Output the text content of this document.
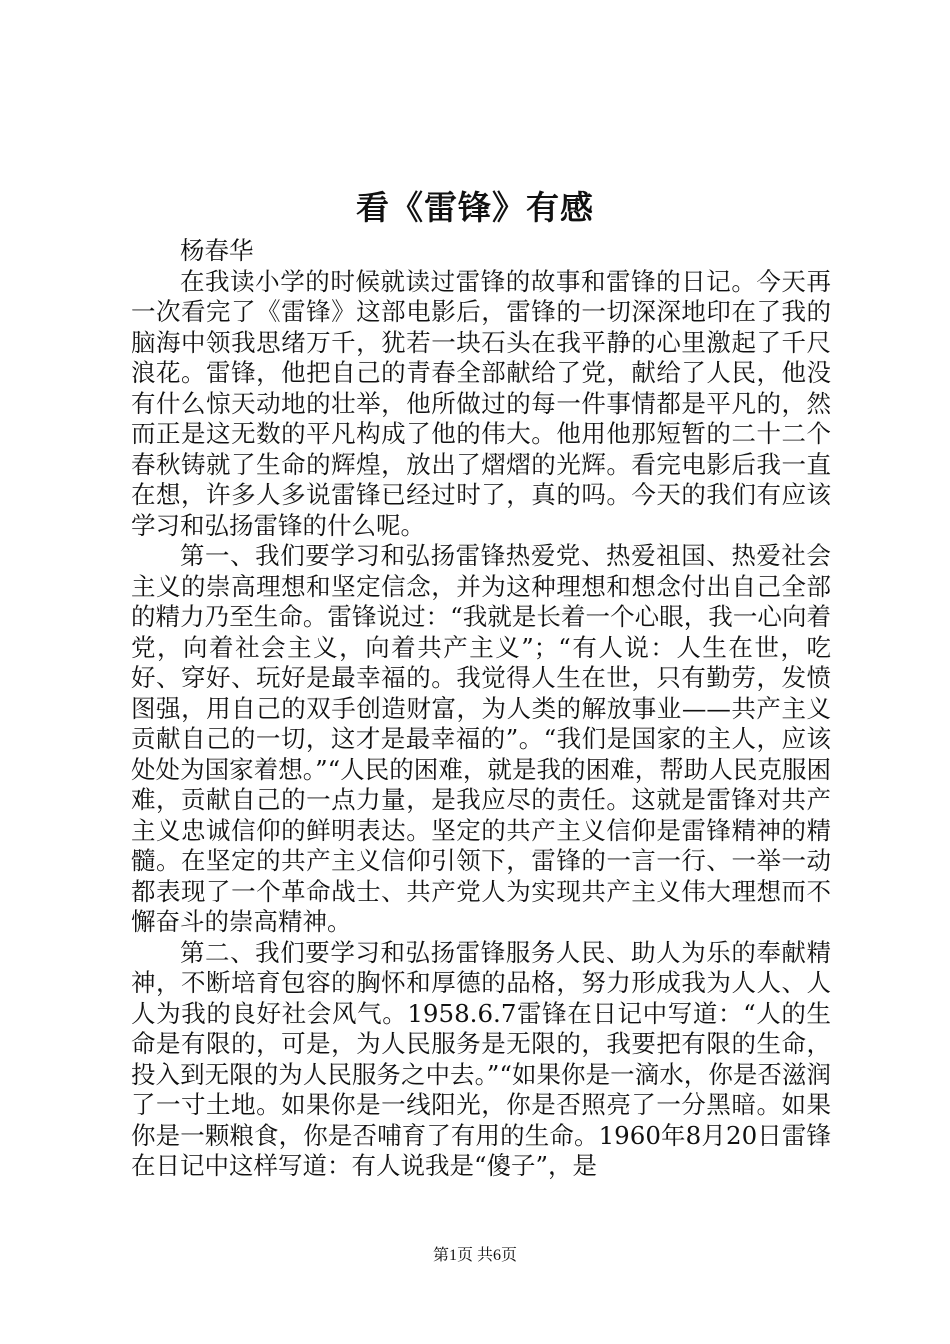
看《雷锋》有感
杨春华

在我读小学的时候就读过雷锋的故事和雷锋的日记。今天再一次看完了《雷锋》这部电影后，雷锋的一切深深地印在了我的脑海中领我思绪万千，犹若一块石头在我平静的心里激起了千尺浪花。雷锋，他把自己的青春全部献给了党，献给了人民，他没有什么惊天动地的壮举，他所做过的每一件事情都是平凡的，然而正是这无数的平凡构成了他的伟大。他用他那短暂的二十二个春秋铸就了生命的辉煌，放出了熠熠的光辉。看完电影后我一直在想，许多人多说雷锋已经过时了，真的吗。今天的我们有应该学习和弘扬雷锋的什么呢。

第一、我们要学习和弘扬雷锋热爱党、热爱祖国、热爱社会主义的崇高理想和坚定信念，并为这种理想和想念付出自己全部的精力乃至生命。雷锋说过：“我就是长着一个心眼，我一心向着党，向着社会主义，向着共产主义”；“有人说：人生在世，吃好、穿好、玩好是最幸福的。我觉得人生在世，只有勤劳，发愤图强，用自己的双手创造财富，为人类的解放事业——共产主义贡献自己的一切，这才是最幸福的”。“我们是国家的主人，应该处处为国家着想。”“人民的困难，就是我的困难，帮助人民克服困难，贡献自己的一点力量，是我应尽的责任。这就是雷锋对共产主义忠诚信仰的鲜明表达。坚定的共产主义信仰是雷锋精神的精髓。在坚定的共产主义信仰引领下，雷锋的一言一行、一举一动都表现了一个革命战士、共产党人为实现共产主义伟大理想而不懈奋斗的崇高精神。

第二、我们要学习和弘扬雷锋服务人民、助人为乐的奉献精神，不断培育包容的胸怀和厚德的品格，努力形成我为人人、人人为我的良好社会风气。1958.6.7雷锋在日记中写道：“人的生命是有限的，可是，为人民服务是无限的，我要把有限的生命，投入到无限的为人民服务之中去。”“如果你是一滴水，你是否滋润了一寸土地。如果你是一线阳光，你是否照亮了一分黑暗。如果你是一颗粮食，你是否哺育了有用的生命。1960年8月20日雷锋在日记中这样写道：有人说我是“傻子”，是

第1页 共6页
